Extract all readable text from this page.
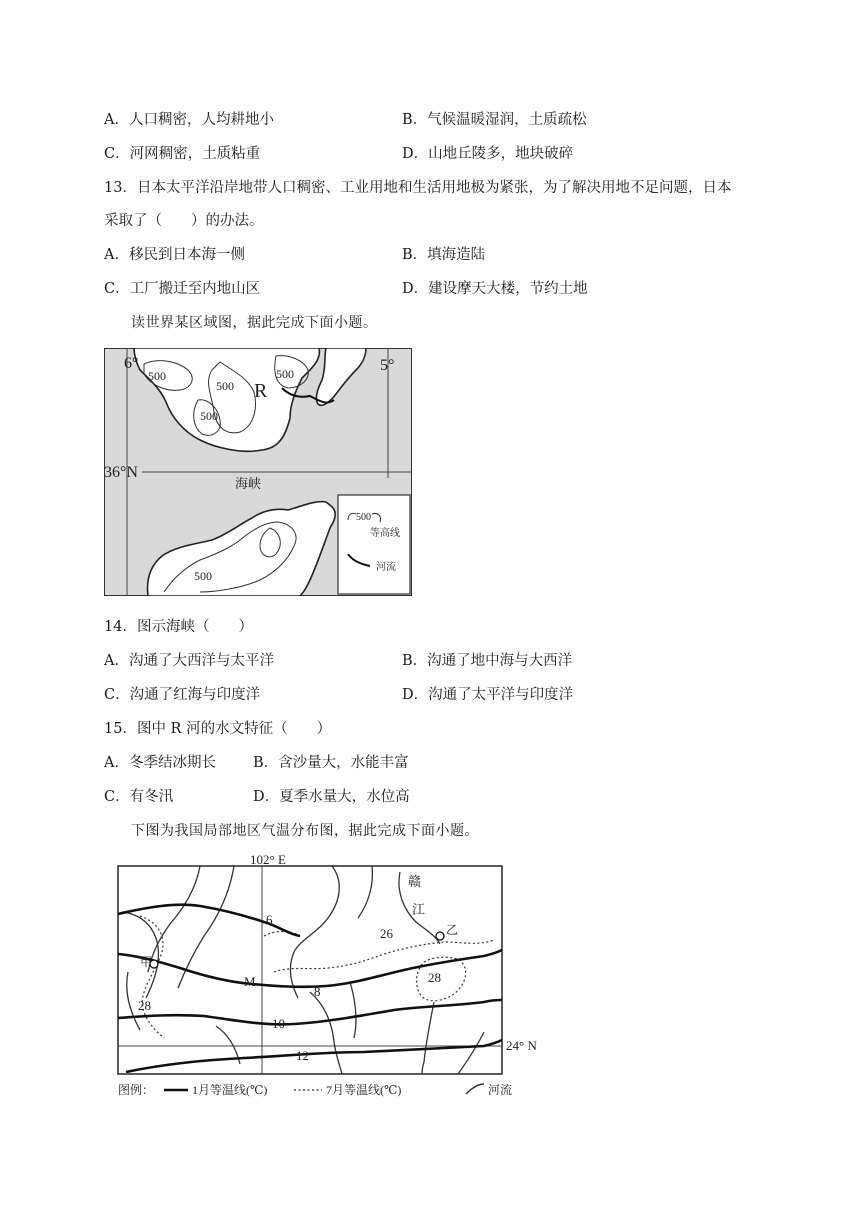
A．人口稠密，人均耕地小	B．气候温暖湿润，土质疏松
C．河网稠密，土质粘重	D．山地丘陵多，地块破碎
13．日本太平洋沿岸地带人口稠密、工业用地和生活用地极为紧张，为了解决用地不足问题，日本
采取了（　　）的办法。
A．移民到日本海一侧	B．填海造陆
C．工厂搬迁至内地山区	D．建设摩天大楼，节约土地
读世界某区域图，据此完成下面小题。
6°	5°
36°N
海峡
R
500
500
500
500
500
500
等高线
河流
14．图示海峡（　　）
A．沟通了大西洋与太平洋	B．沟通了地中海与大西洋
C．沟通了红海与印度洋	D．沟通了太平洋与印度洋
15．图中 R 河的水文特征（　　）
A．冬季结冰期长	B．含沙量大，水能丰富
C．有冬汛	D．夏季水量大，水位高
下图为我国局部地区气温分布图，据此完成下面小题。
102° E
24° N
赣
江
甲
乙
M
6
8
10
12
26
28
28
图例：	1月等温线(℃)	7月等温线(℃)	河流
